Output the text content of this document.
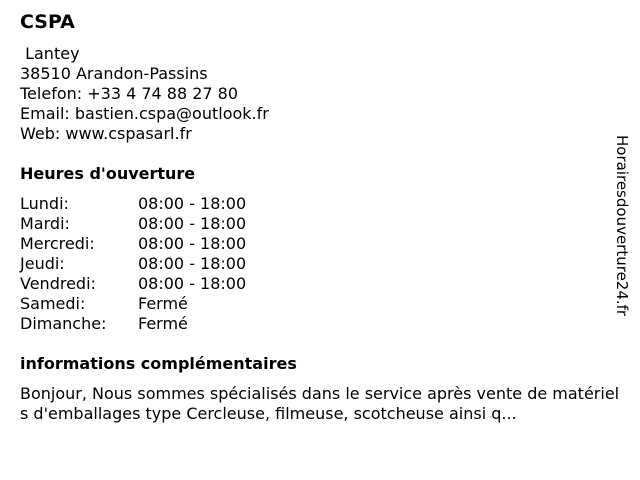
CSPA
Lantey
38510 Arandon-Passins
Telefon: +33 4 74 88 27 80
Email: bastien.cspa@outlook.fr
Web: www.cspasarl.fr
Heures d'ouverture
Lundi:	08:00 - 18:00
Mardi:	08:00 - 18:00
Mercredi:	08:00 - 18:00
Jeudi:	08:00 - 18:00
Vendredi:	08:00 - 18:00
Samedi:	Fermé
Dimanche:	Fermé
informations complémentaires
Bonjour, Nous sommes spécialisés dans le service après vente de matériels d'emballages type Cercleuse, filmeuse, scotcheuse ainsi q...
Horairesdouverture24.fr
